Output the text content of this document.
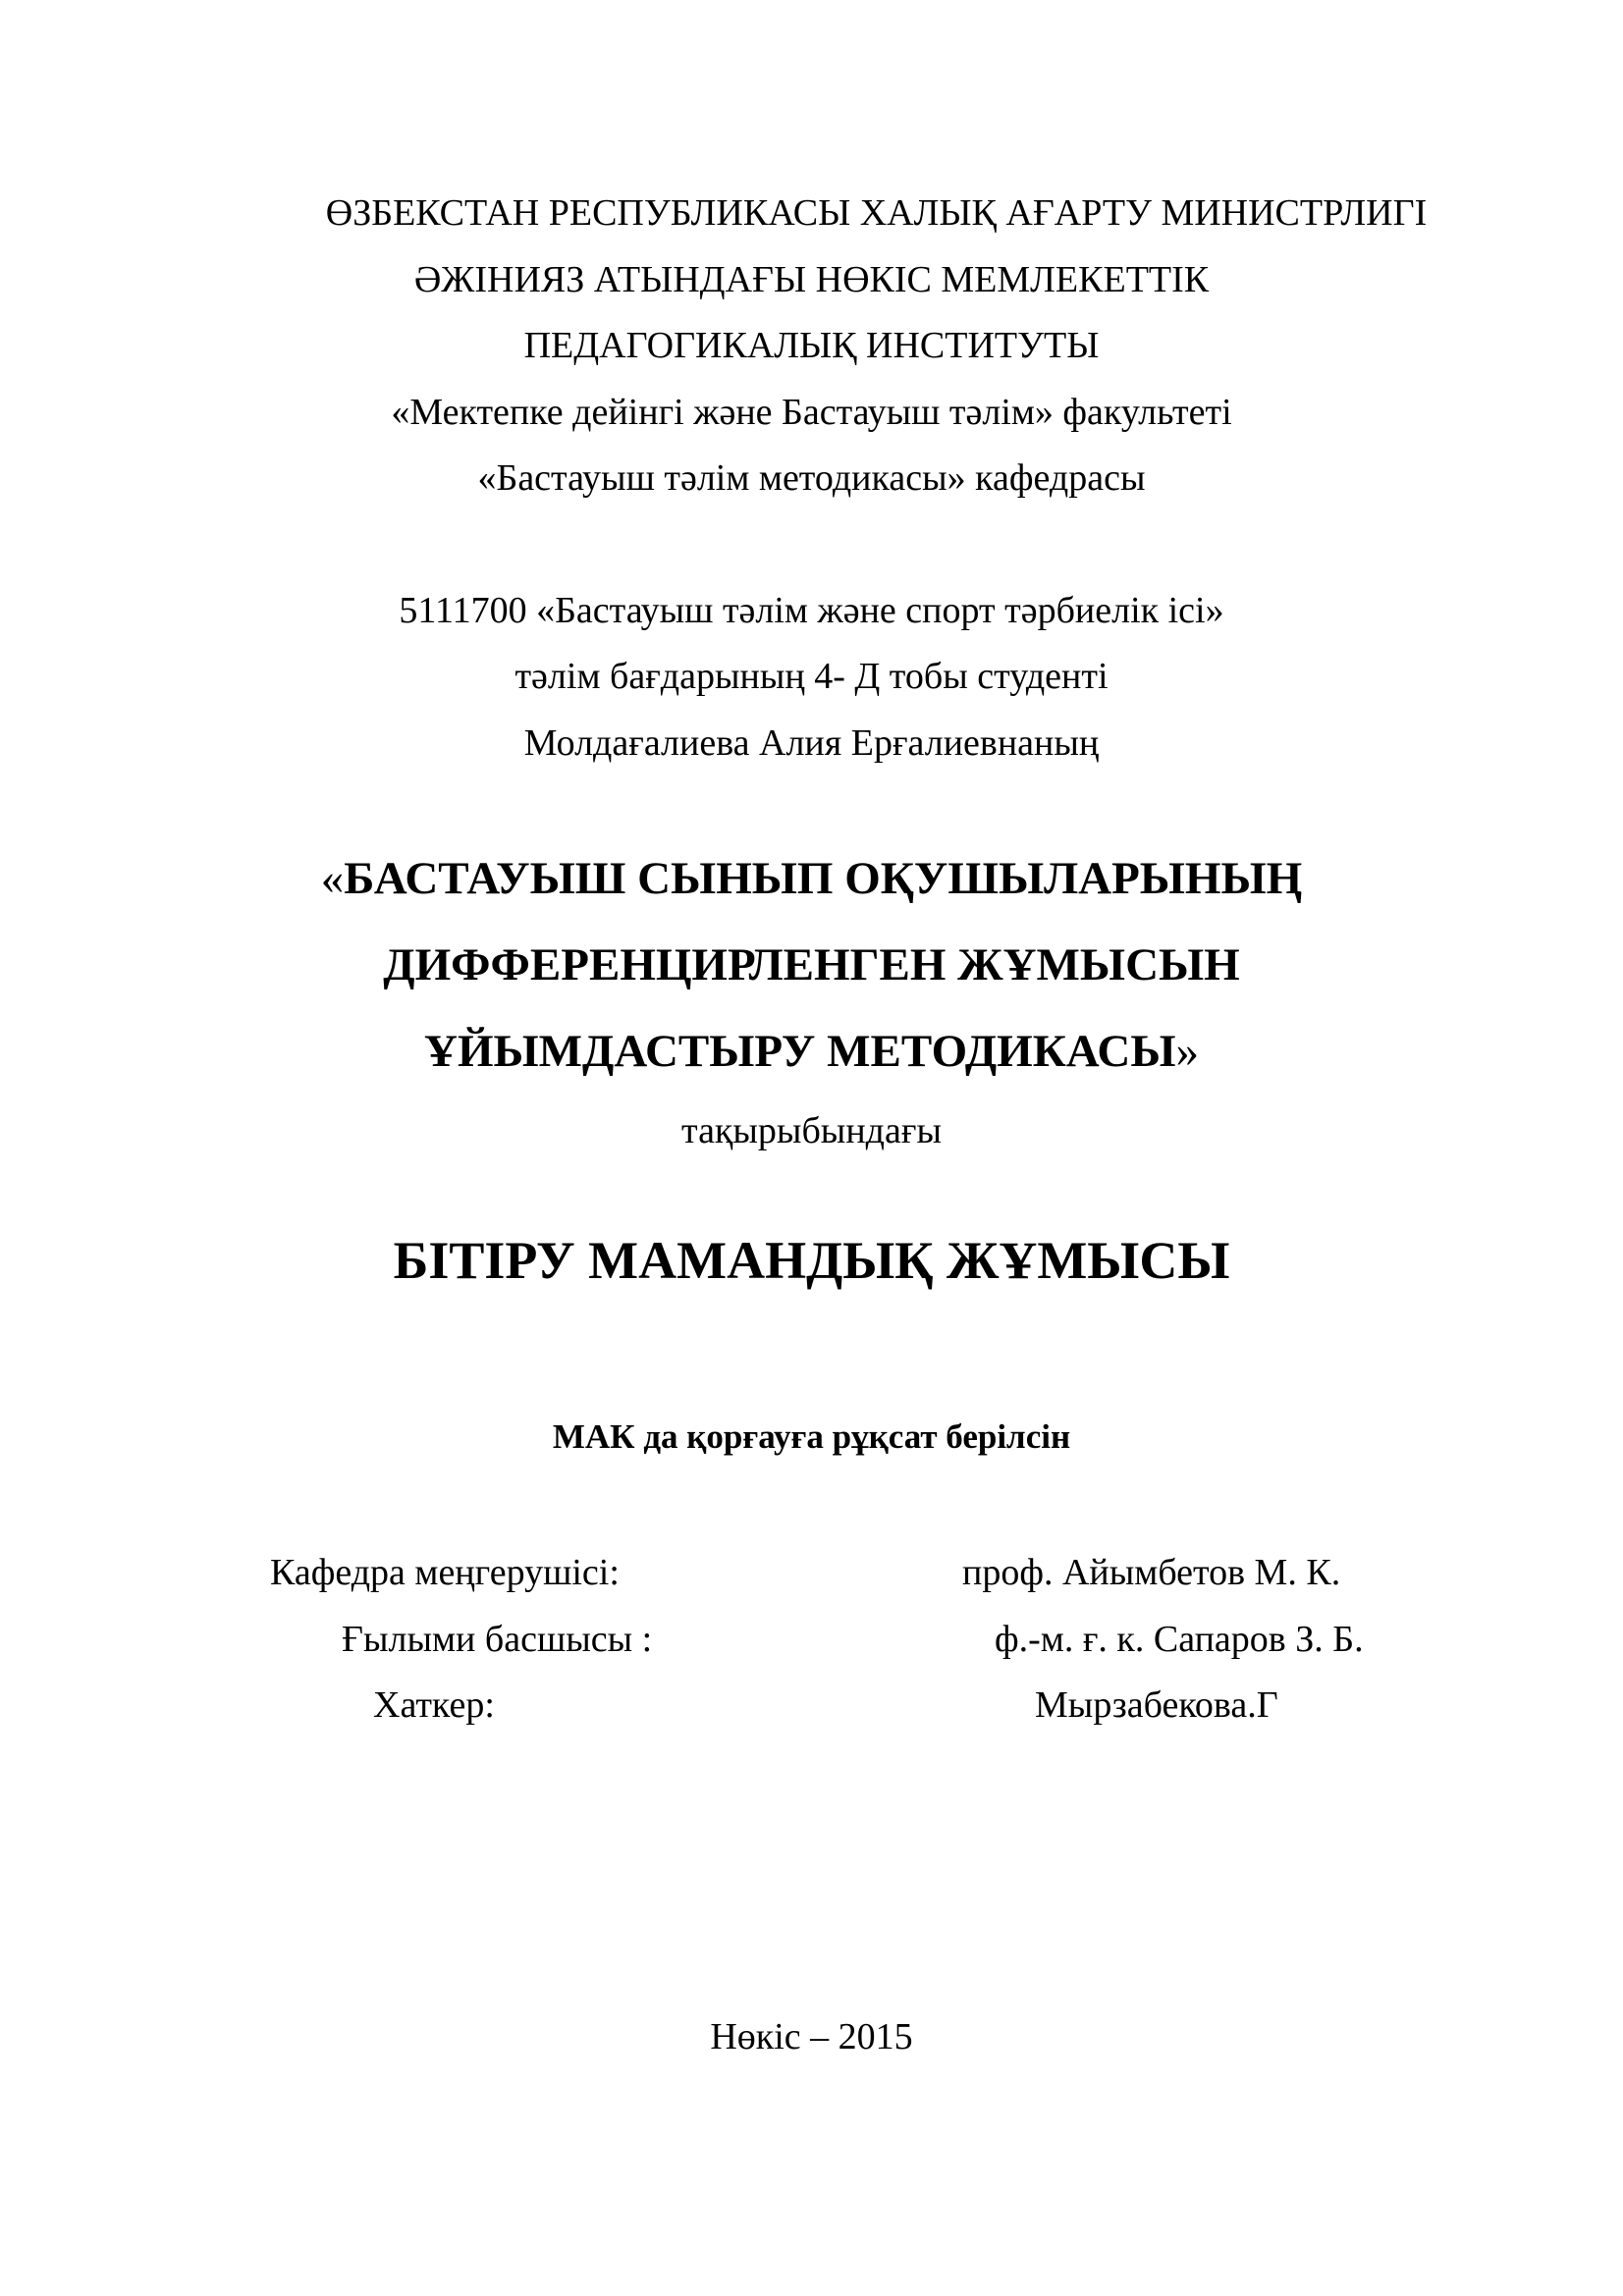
ӨЗБЕКСТАН РЕСПУБЛИКАСЫ ХАЛЫҚ АҒАРТУ МИНИСТРЛИГІ
ӘЖІНИЯЗ АТЫНДАҒЫ НӨКІС МЕМЛЕКЕТТІК
ПЕДАГОГИКАЛЫҚ ИНСТИТУТЫ
«Мектепке дейінгі және Бастауыш тәлім» факультеті
«Бастауыш тәлім методикасы» кафедрасы
5111700 «Бастауыш тәлім және спорт тәрбиелік ісі»
тәлім бағдарының 4- Д тобы студенті
Молдағалиева Алия Ерғалиевнаның
«БАСТАУЫШ СЫНЫП ОҚУШЫЛАРЫНЫҢ
ДИФФЕРЕНЦИРЛЕНГЕН ЖҰМЫСЫН
ҰЙЫМДАСТЫРУ МЕТОДИКАСЫ»
тақырыбындағы
БІТІРУ МАМАНДЫҚ ЖҰМЫСЫ
МАК да қорғауға рұқсат берілсін
Кафедра меңгерушісі:	проф. Айымбетов М. К.
Ғылыми басшысы :	ф.-м. ғ. к. Сапаров З. Б.
Хаткер:	Мырзабекова.Г
Нөкіс – 2015
